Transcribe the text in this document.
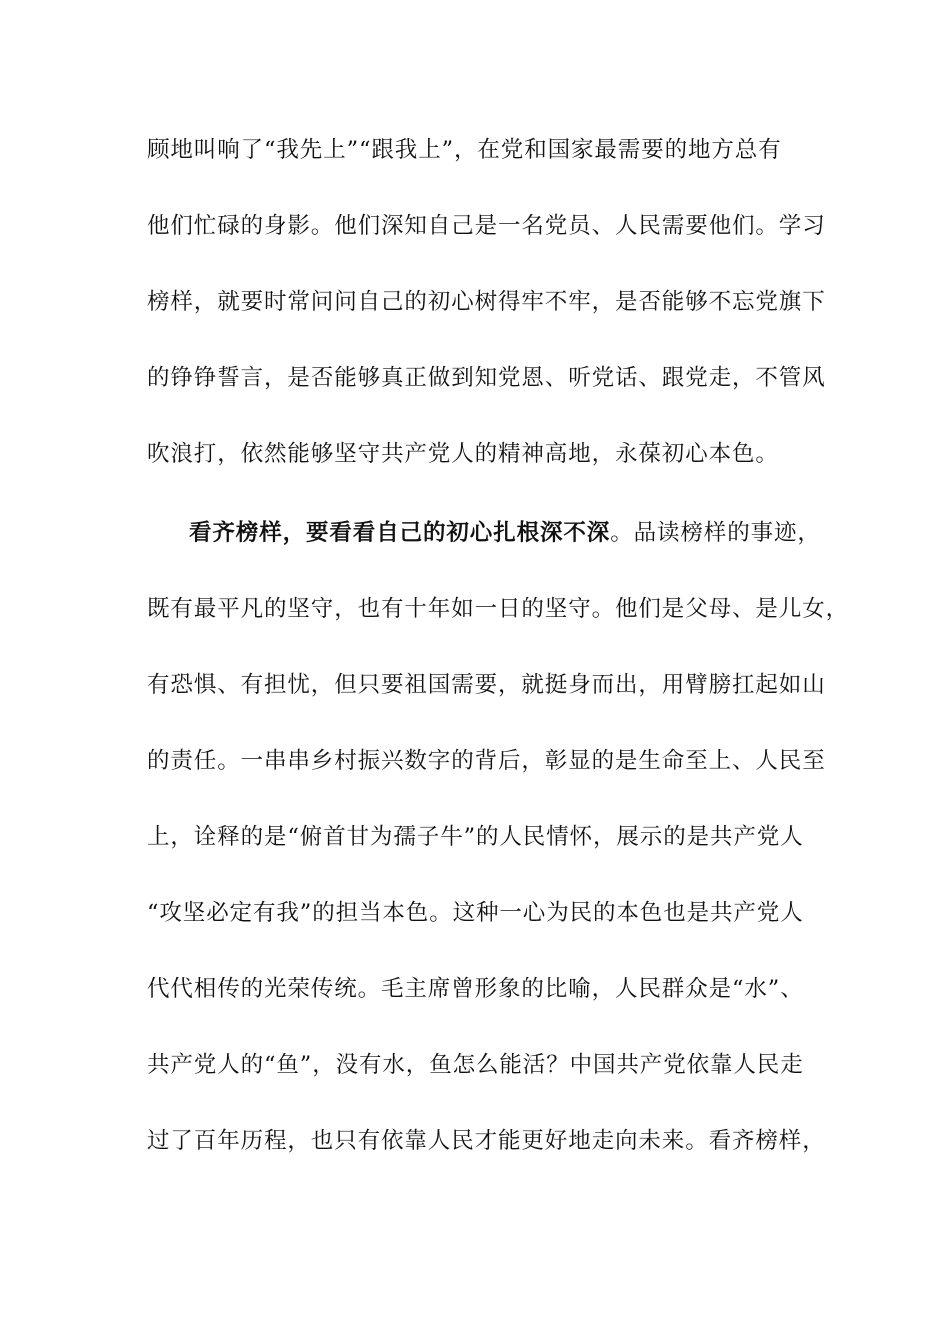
顾地叫响了“我先上”“跟我上”，在党和国家最需要的地方总有
他们忙碌的身影。他们深知自己是一名党员、人民需要他们。学习
榜样，就要时常问问自己的初心树得牢不牢，是否能够不忘党旗下
的铮铮誓言，是否能够真正做到知党恩、听党话、跟党走，不管风
吹浪打，依然能够坚守共产党人的精神高地，永葆初心本色。
看齐榜样，要看看自己的初心扎根深不深。品读榜样的事迹，
既有最平凡的坚守，也有十年如一日的坚守。他们是父母、是儿女，
有恐惧、有担忧，但只要祖国需要，就挺身而出，用臂膀扛起如山
的责任。一串串乡村振兴数字的背后，彰显的是生命至上、人民至
上，诠释的是“俯首甘为孺子牛”的人民情怀，展示的是共产党人
“攻坚必定有我”的担当本色。这种一心为民的本色也是共产党人
代代相传的光荣传统。毛主席曾形象的比喻，人民群众是“水”、
共产党人的“鱼”，没有水，鱼怎么能活？中国共产党依靠人民走
过了百年历程，也只有依靠人民才能更好地走向未来。看齐榜样，
